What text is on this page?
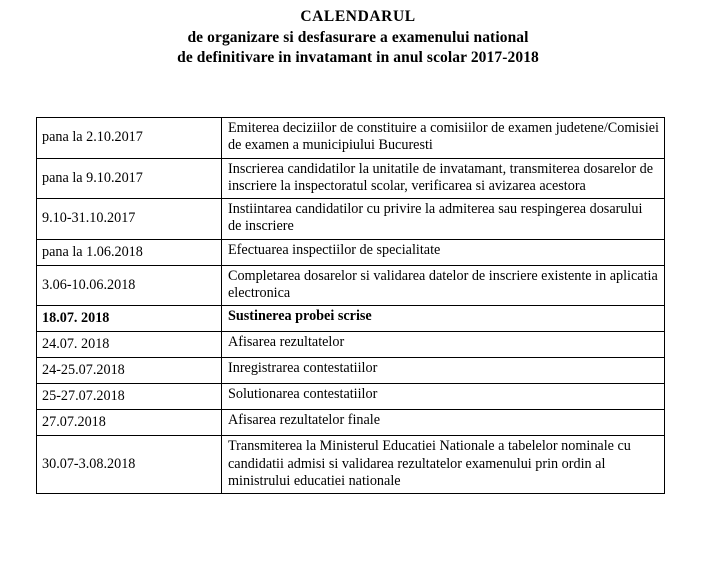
CALENDARUL
de organizare si desfasurare a examenului national
de definitivare in invatamant in anul scolar 2017-2018
pana la 2.10.2017	Emiterea deciziilor de constituire a comisiilor de examen judetene/Comisiei de examen a municipiului Bucuresti
pana la 9.10.2017	Inscrierea candidatilor la unitatile de invatamant, transmiterea dosarelor de inscriere la inspectoratul scolar, verificarea si avizarea acestora
9.10-31.10.2017	Instiintarea candidatilor cu privire la admiterea sau respingerea dosarului de inscriere
pana la 1.06.2018	Efectuarea inspectiilor de specialitate
3.06-10.06.2018	Completarea dosarelor si validarea datelor de inscriere existente in aplicatia electronica
18.07. 2018	Sustinerea probei scrise
24.07. 2018	Afisarea rezultatelor
24-25.07.2018	Inregistrarea contestatiilor
25-27.07.2018	Solutionarea contestatiilor
27.07.2018	Afisarea rezultatelor finale
30.07-3.08.2018	Transmiterea la Ministerul Educatiei Nationale a tabelelor nominale cu candidatii admisi si validarea rezultatelor examenului prin ordin al ministrului educatiei nationale
